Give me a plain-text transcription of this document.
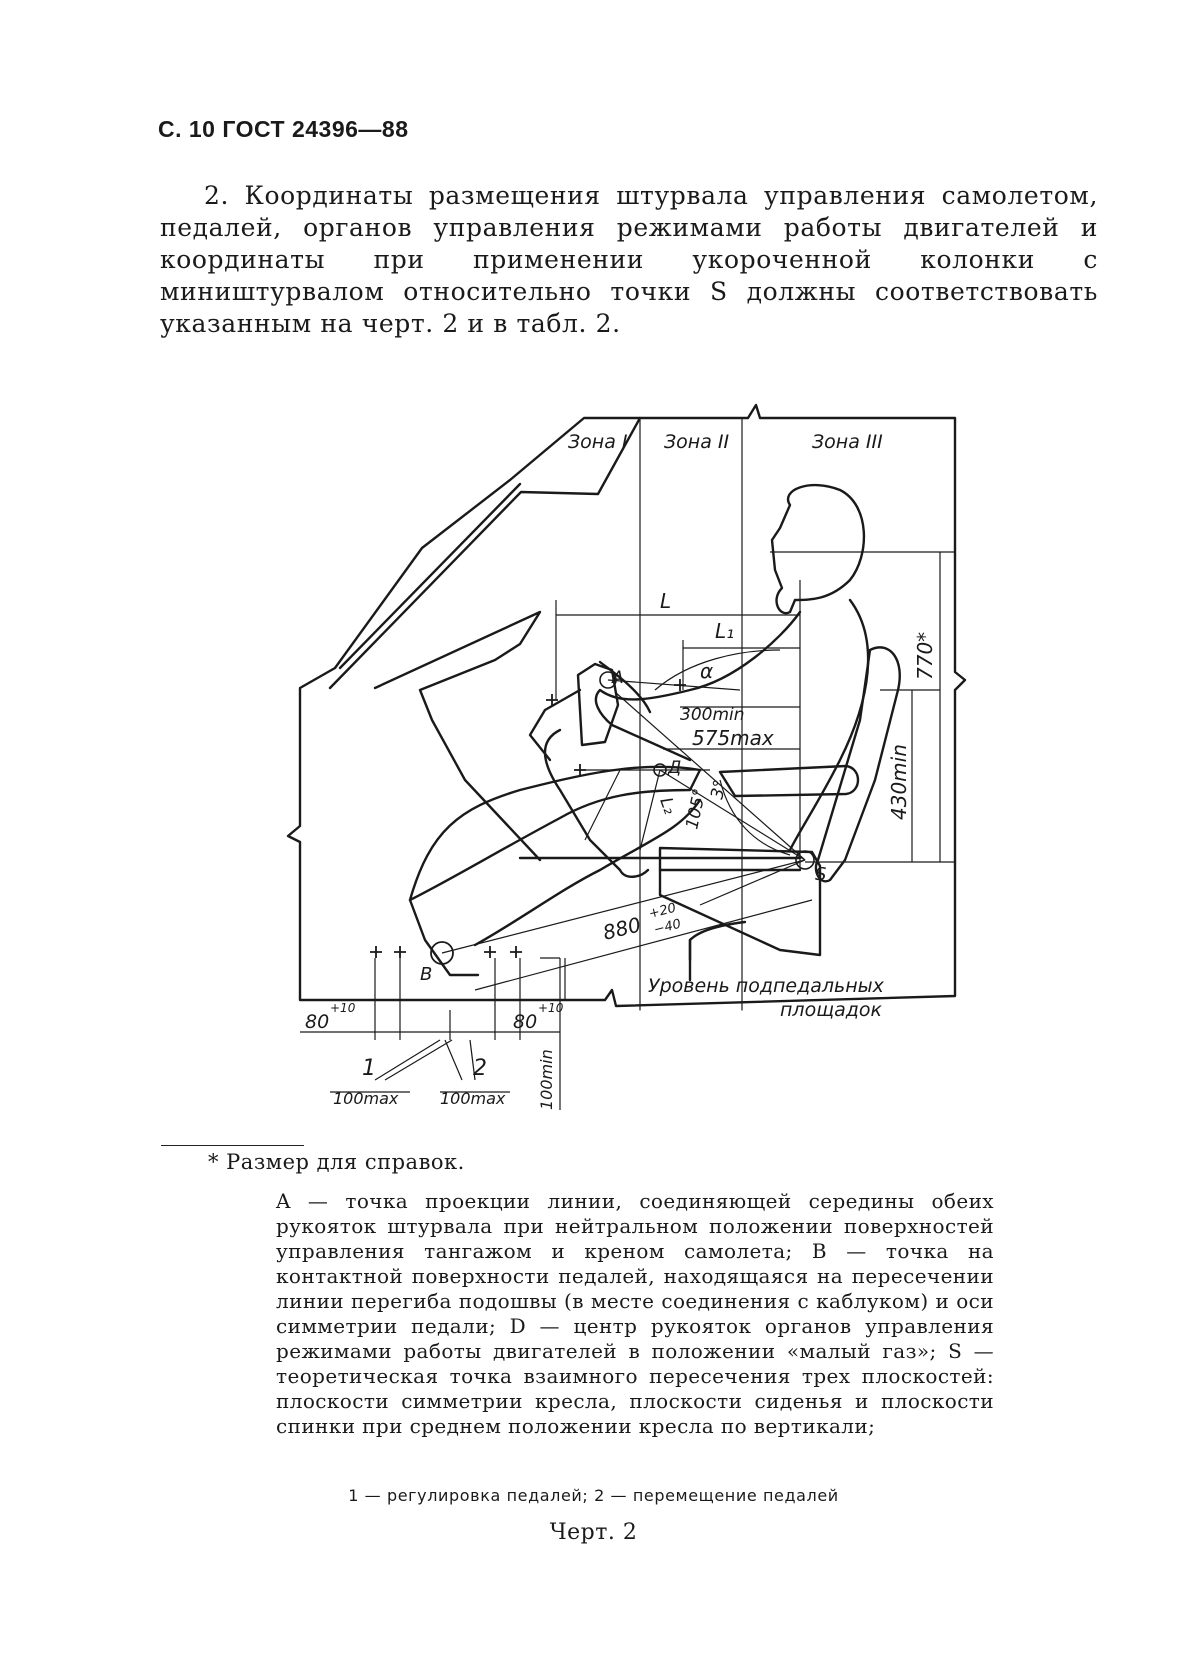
С. 10 ГОСТ 24396—88
2. Координаты размещения штурвала управления самолетом, педалей, органов управления режимами работы двигателей и координаты при применении укороченной колонки с миништурвалом относительно точки S должны соответствовать указанным на черт. 2 и в табл. 2.
Зона I Зона II	Зона III
L
L₁
α
A
Д
L₂
300min
575max
105°
3°
770*
430min
S
880
+20
−40
B
Уровень подпедальных
площадок
80
+10
80
+10
1	2
100max	100max 100min
* Размер для справок.
A — точка проекции линии, соединяющей середины обеих рукояток штурвала при нейтральном положении поверхностей управления тангажом и креном самолета; B — точка на контактной поверхности педалей, находящаяся на пересечении линии перегиба подошвы (в месте соединения с каблуком) и оси симметрии педали; D — центр рукояток органов управления режимами работы двигателей в положении «малый газ»; S — теоретическая точка взаимного пересечения трех плоскостей: плоскости симметрии кресла, плоскости сиденья и плоскости спинки при среднем положении кресла по вертикали;
1 — регулировка педалей; 2 — перемещение педалей
Черт. 2
